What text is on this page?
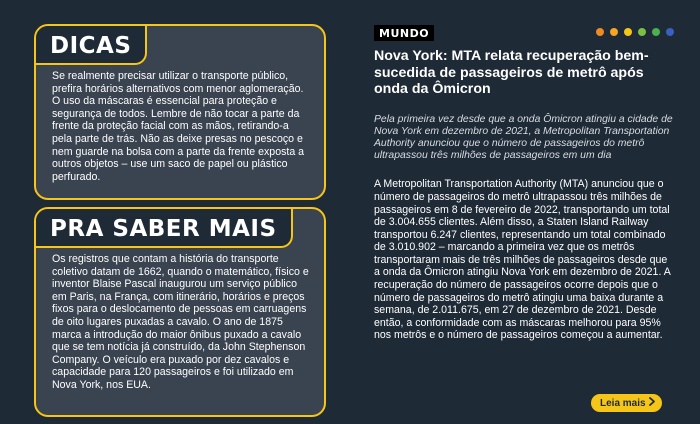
DICAS
Se realmente precisar utilizar o transporte público, prefira horários alternativos com menor aglomeração. O uso da máscaras é essencial para proteção e segurança de todos. Lembre de não tocar a parte da frente da proteção facial com as mãos, retirando-a pela parte de trás. Não as deixe presas no pescoço e nem guarde na bolsa com a parte da frente exposta a outros objetos – use um saco de papel ou plástico perfurado.
PRA SABER MAIS
Os registros que contam a história do transporte coletivo datam de 1662, quando o matemático, físico e inventor Blaise Pascal inaugurou um serviço público em Paris, na França, com itinerário, horários e preços fixos para o deslocamento de pessoas em carruagens de oito lugares puxadas a cavalo. O ano de 1875 marca a introdução do maior ônibus puxado a cavalo que se tem notícia já construído, da John Stephenson Company. O veículo era puxado por dez cavalos e capacidade para 120 passageiros e foi utilizado em Nova York, nos EUA.
MUNDO
Nova York: MTA relata recuperação bem-sucedida de passageiros de metrô após onda da Ômicron
Pela primeira vez desde que a onda Ômicron atingiu a cidade de Nova York em dezembro de 2021, a Metropolitan Transportation Authority anunciou que o número de passageiros do metrô ultrapassou três milhões de passageiros em um dia
A Metropolitan Transportation Authority (MTA) anunciou que o número de passageiros do metrô ultrapassou três milhões de passageiros em 8 de fevereiro de 2022, transportando um total de 3.004.655 clientes. Além disso, a Staten Island Railway transportou 6.247 clientes, representando um total combinado de 3.010.902 – marcando a primeira vez que os metrôs transportaram mais de três milhões de passageiros desde que a onda da Ômicron atingiu Nova York em dezembro de 2021. A recuperação do número de passageiros ocorre depois que o número de passageiros do metrô atingiu uma baixa durante a semana, de 2.011.675, em 27 de dezembro de 2021. Desde então, a conformidade com as máscaras melhorou para 95% nos metrôs e o número de passageiros começou a aumentar.
Leia mais
